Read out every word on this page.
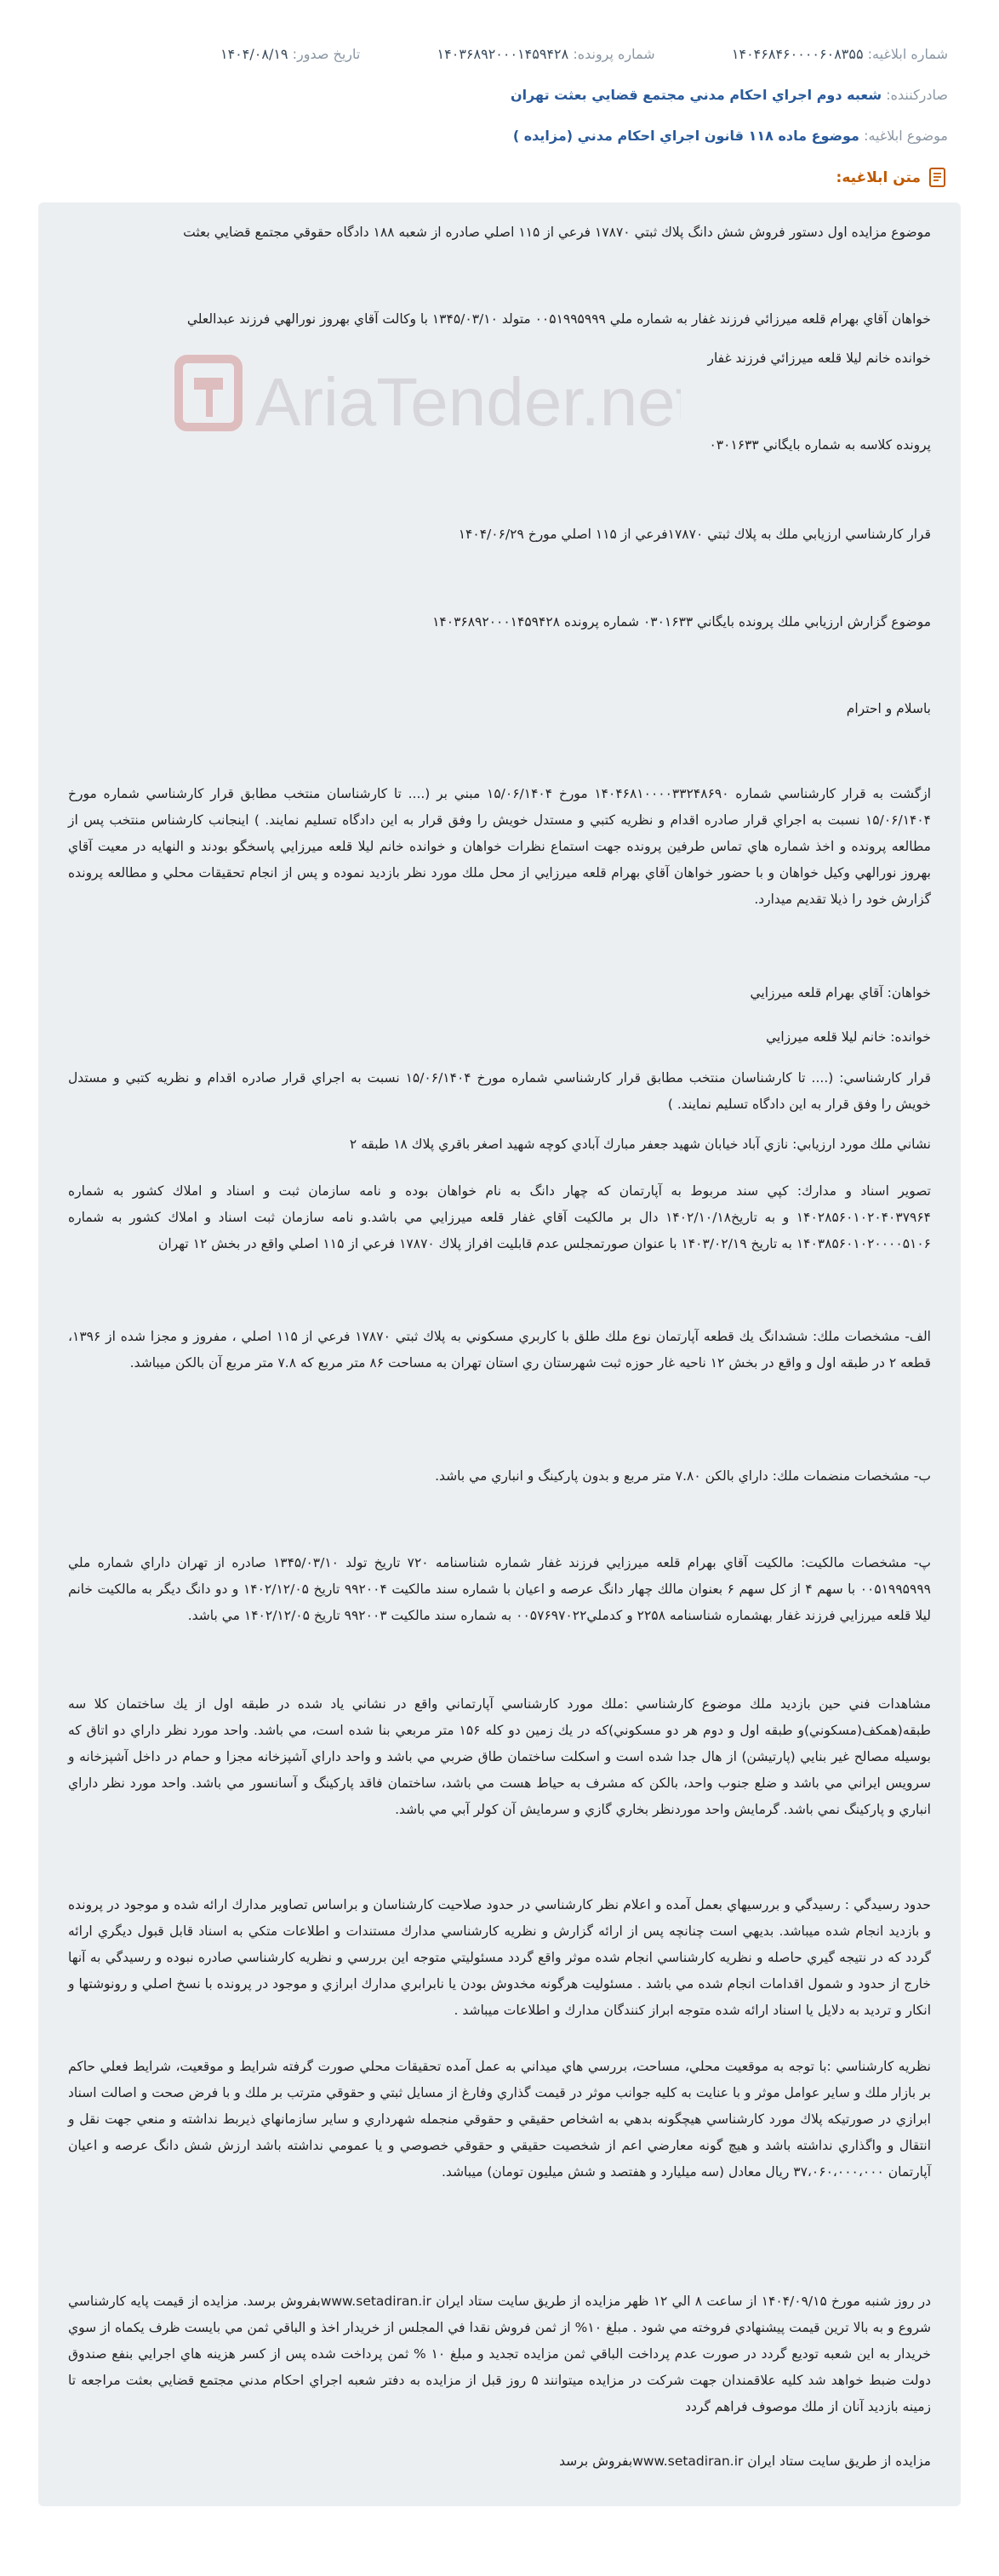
شماره ابلاغيه: ۱۴۰۴۶۸۴۶۰۰۰۰۶۰۸۳۵۵  شماره پرونده: ۱۴۰۳۶۸۹۲۰۰۰۱۴۵۹۴۲۸  تاريخ صدور: ۱۴۰۴/۰۸/۱۹
صادرکننده: شعبه دوم اجراي احكام مدني مجتمع قضايي بعثت تهران
موضوع ابلاغيه: موضوع ماده ۱۱۸ قانون اجراي احكام مدني (مزايده )
متن ابلاغيه:
AriaTender.net
موضوع مزايده اول دستور فروش شش دانگ پلاك ثبتي ۱۷۸۷۰ فرعي از ۱۱۵ اصلي صادره از شعبه ۱۸۸ دادگاه حقوقي مجتمع قضايي بعثت
خواهان آقاي بهرام قلعه ميرزائي فرزند غفار به شماره ملي ۰۰۵۱۹۹۵۹۹۹ متولد ۱۳۴۵/۰۳/۱۰ با وكالت آقاي بهروز نورالهي فرزند عبدالعلي
خوانده خانم ليلا قلعه ميرزائي فرزند غفار
پرونده كلاسه به شماره بايگاني ۰۳۰۱۶۳۳
قرار كارشناسي ارزيابي ملك به پلاك ثبتي ۱۷۸۷۰فرعي از ۱۱۵ اصلي مورخ ۱۴۰۴/۰۶/۲۹
موضوع گزارش ارزيابي ملك پرونده بايگاني ۰۳۰۱۶۳۳ شماره پرونده ۱۴۰۳۶۸۹۲۰۰۰۱۴۵۹۴۲۸
باسلام و احترام
ازگشت به قرار كارشناسي شماره ۱۴۰۴۶۸۱۰۰۰۰۳۳۲۴۸۶۹۰ مورخ ۱۵/۰۶/۱۴۰۴ مبني بر (.... تا كارشناسان منتخب مطابق قرار كارشناسي شماره مورخ ۱۵/۰۶/۱۴۰۴ نسبت به اجراي قرار صادره اقدام و نظريه كتبي و مستدل خويش را وفق قرار به اين دادگاه تسليم نمايند. ) اينجانب كارشناس منتخب پس از مطالعه پرونده و اخذ شماره هاي تماس طرفين پرونده جهت استماع نظرات خواهان و خوانده خانم ليلا قلعه ميرزايي پاسخگو بودند و النهايه در معيت آقاي بهروز نورالهي وكيل خواهان و با حضور خواهان آقاي بهرام قلعه ميرزايي از محل ملك مورد نظر بازديد نموده و پس از انجام تحقيقات محلي و مطالعه پرونده گزارش خود را ذيلا تقديم ميدارد.
خواهان: آقاي بهرام قلعه ميرزايي
خوانده: خانم ليلا قلعه ميرزايي
قرار كارشناسي: (.... تا كارشناسان منتخب مطابق قرار كارشناسي شماره مورخ ۱۵/۰۶/۱۴۰۴ نسبت به اجراي قرار صادره اقدام و نظريه كتبي و مستدل خويش را وفق قرار به اين دادگاه تسليم نمايند. )
نشاني ملك مورد ارزيابي: نازي آباد خيابان شهيد جعفر مبارك آبادي كوچه شهيد اصغر باقري پلاك ۱۸ طبقه ۲
تصوير اسناد و مدارك: كپي سند مربوط به آپارتمان كه چهار دانگ به نام خواهان بوده و نامه سازمان ثبت و اسناد و املاك كشور به شماره ۱۴۰۲۸۵۶۰۱۰۲۰۴۰۳۷۹۶۴ و به تاريخ۱۴۰۲/۱۰/۱۸ دال بر مالكيت آقاي غفار قلعه ميرزايي مي باشد.و نامه سازمان ثبت اسناد و املاك كشور به شماره ۱۴۰۳۸۵۶۰۱۰۲۰۰۰۰۵۱۰۶ به تاريخ ۱۴۰۳/۰۲/۱۹ با عنوان صورتمجلس عدم قابليت افراز پلاك ۱۷۸۷۰ فرعي از ۱۱۵ اصلي واقع در بخش ۱۲ تهران
الف- مشخصات ملك: ششدانگ يك قطعه آپارتمان نوع ملك طلق با كاربري مسكوني به پلاك ثبتي ۱۷۸۷۰ فرعي از ۱۱۵ اصلي ، مفروز و مجزا شده از ۱۳۹۶، قطعه ۲ در طبقه اول و واقع در بخش ۱۲ ناحيه غار حوزه ثبت شهرستان ري استان تهران به مساحت ۸۶ متر مربع كه ۷.۸ متر مربع آن بالكن ميباشد.
ب- مشخصات منضمات ملك: داراي بالكن ۷.۸۰ متر مربع و بدون پاركينگ و انباري مي باشد.
پ- مشخصات مالكيت: مالكيت آقاي بهرام قلعه ميرزايي فرزند غفار شماره شناسنامه ۷۲۰ تاريخ تولد ۱۳۴۵/۰۳/۱۰ صادره از تهران داراي شماره ملي ۰۰۵۱۹۹۵۹۹۹ با سهم ۴ از كل سهم ۶ بعنوان مالك چهار دانگ عرصه و اعيان با شماره سند مالكيت ۹۹۲۰۰۴ تاريخ ۱۴۰۲/۱۲/۰۵ و دو دانگ ديگر به مالكيت خانم ليلا قلعه ميرزايي فرزند غفار بهشماره شناسنامه ۲۲۵۸ و كدملي۰۰۵۷۶۹۷۰۲۲ به شماره سند مالكيت ۹۹۲۰۰۳ تاريخ ۱۴۰۲/۱۲/۰۵ مي باشد.
مشاهدات فني حين بازديد ملك موضوع كارشناسي :ملك مورد كارشناسي آپارتماني واقع در نشاني ياد شده در طبقه اول از يك ساختمان كلا سه طبقه(همكف(مسكوني)و طبقه اول و دوم هر دو مسكوني)كه در يك زمين دو كله ۱۵۶ متر مربعي بنا شده است، مي باشد. واحد مورد نظر داراي دو اتاق كه بوسيله مصالح غير بنايي (پارتيشن) از هال جدا شده است و اسكلت ساختمان طاق ضربي مي باشد و واحد داراي آشپزخانه مجزا و حمام در داخل آشپزخانه و سرويس ايراني مي باشد و ضلع جنوب واحد، بالكن كه مشرف به حياط هست مي باشد، ساختمان فاقد پاركينگ و آسانسور مي باشد. واحد مورد نظر داراي انباري و پاركينگ نمي باشد. گرمايش واحد موردنظر بخاري گازي و سرمايش آن كولر آبي مي باشد.
حدود رسيدگي : رسيدگي و بررسيهاي بعمل آمده و اعلام نظر كارشناسي در حدود صلاحيت كارشناسان و براساس تصاوير مدارك ارائه شده و موجود در پرونده و بازديد انجام شده ميباشد. بديهي است چنانچه پس از ارائه گزارش و نظريه كارشناسي مدارك مستندات و اطلاعات متكي به اسناد قابل قبول ديگري ارائه گردد كه در نتيجه گيري حاصله و نظريه كارشناسي انجام شده موثر واقع گردد مسئوليتي متوجه اين بررسي و نظريه كارشناسي صادره نبوده و رسيدگي به آنها خارج از حدود و شمول اقدامات انجام شده مي باشد . مسئوليت هرگونه مخدوش بودن يا نابرابري مدارك ابرازي و موجود در پرونده با نسخ اصلي و رونوشتها و انكار و ترديد به دلايل يا اسناد ارائه شده متوجه ابراز كنندگان مدارك و اطلاعات ميباشد .
نظريه كارشناسي :با توجه به موقعيت محلي، مساحت، بررسي هاي ميداني به عمل آمده تحقيقات محلي صورت گرفته شرايط و موقعيت، شرايط فعلي حاكم بر بازار ملك و ساير عوامل موثر و با عنايت به كليه جوانب موثر در قيمت گذاري وفارغ از مسايل ثبتي و حقوقي مترتب بر ملك و با فرض صحت و اصالت اسناد ابرازي در صورتيكه پلاك مورد كارشناسي هيچگونه بدهي به اشخاص حقيقي و حقوقي منجمله شهرداري و ساير سازمانهاي ذيربط نداشته و منعي جهت نقل و انتقال و واگذاري نداشته باشد و هيچ گونه معارضي اعم از شخصيت حقيقي و حقوقي خصوصي و يا عمومي نداشته باشد ارزش شش دانگ عرصه و اعيان آپارتمان ۳۷،۰۶۰،۰۰۰،۰۰۰ ريال معادل (سه ميليارد و هفتصد و شش ميليون تومان) ميباشد.
در روز شنبه مورخ ۱۴۰۴/۰۹/۱۵ از ساعت ۸ الي ۱۲ ظهر مزايده از طريق سايت ستاد ايران www.setadiran.irبفروش برسد. مزايده از قيمت پايه كارشناسي شروع و به بالا ترين قيمت پيشنهادي فروخته مي شود . مبلغ ۱۰% از ثمن فروش نقدا في المجلس از خريدار اخذ و الباقي ثمن مي بايست ظرف يكماه از سوي خريدار به اين شعبه توديع گردد در صورت عدم پرداخت الباقي ثمن مزايده تجديد و مبلغ ۱۰ % ثمن پرداخت شده پس از كسر هزينه هاي اجرايي بنفع صندوق دولت ضبط خواهد شد كليه علاقمندان جهت شركت در مزايده ميتوانند ۵ روز قبل از مزايده به دفتر شعبه اجراي احكام مدني مجتمع قضايي بعثت مراجعه تا زمينه بازديد آنان از ملك موصوف فراهم گردد
مزايده از طريق سايت ستاد ايران www.setadiran.irبفروش برسد
